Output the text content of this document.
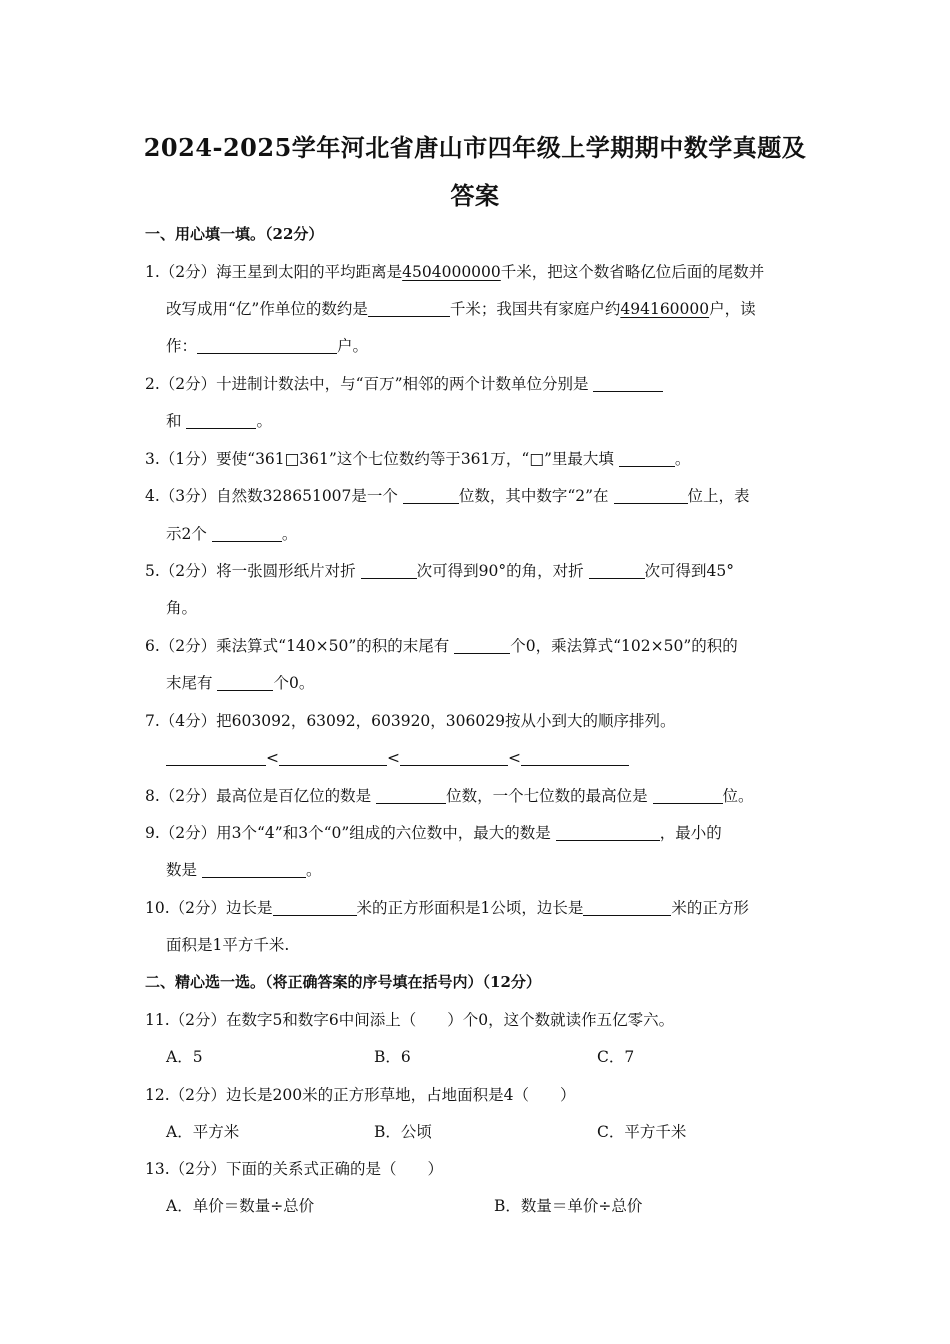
2024-2025学年河北省唐山市四年级上学期期中数学真题及
答案
一、用心填一填。（22分）
1.（2分）海王星到太阳的平均距离是4504000000千米，把这个数省略亿位后面的尾数并
改写成用“亿”作单位的数约是	千米；我国共有家庭户约494160000户，读
作：	户。
2.（2分）十进制计数法中，与“百万”相邻的两个计数单位分别是
和	。
3.（1分）要使“361□361”这个七位数约等于361万，“□”里最大填	。
4.（3分）自然数328651007是一个	位数，其中数字“2”在	位上，表
示2个	。
5.（2分）将一张圆形纸片对折	次可得到90°的角，对折	次可得到45°
角。
6.（2分）乘法算式“140×50”的积的末尾有	个0，乘法算式“102×50”的积的
末尾有	个0。
7.（4分）把603092，63092，603920，306029按从小到大的顺序排列。
<	<	<
8.（2分）最高位是百亿位的数是	位数，一个七位数的最高位是	位。
9.（2分）用3个“4”和3个“0”组成的六位数中，最大的数是	，最小的
数是	。
10.（2分）边长是	米的正方形面积是1公顷，边长是	米的正方形
面积是1平方千米.
二、精心选一选。（将正确答案的序号填在括号内）（12分）
11.（2分）在数字5和数字6中间添上（　　）个0，这个数就读作五亿零六。
A．5	B．6	C．7
12.（2分）边长是200米的正方形草地，占地面积是4（　　）
A．平方米	B．公顷	C．平方千米
13.（2分）下面的关系式正确的是（　　）
A．单价＝数量÷总价	B．数量＝单价÷总价
